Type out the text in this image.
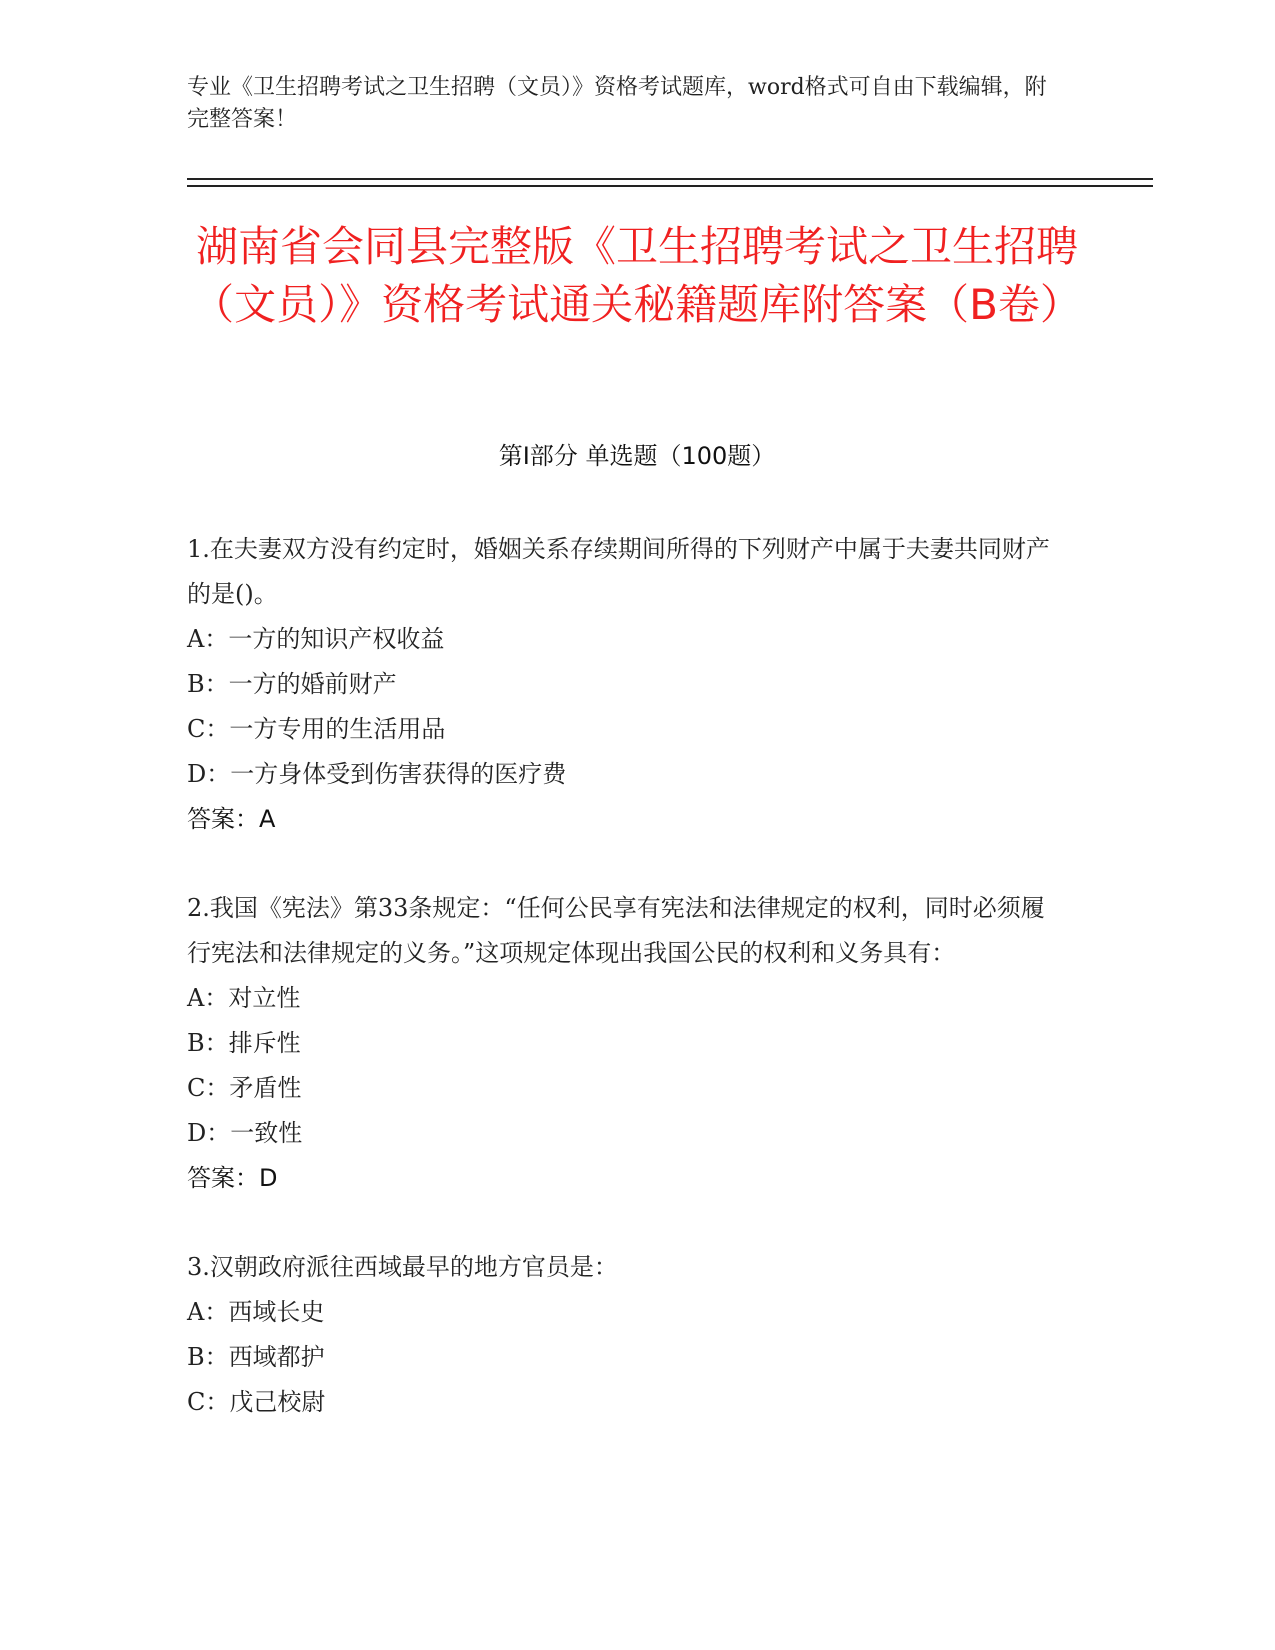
专业《卫生招聘考试之卫生招聘（文员）》资格考试题库，word格式可自由下载编辑，附完整答案！
湖南省会同县完整版《卫生招聘考试之卫生招聘（文员）》资格考试通关秘籍题库附答案（B卷）
第I部分 单选题（100题）

1.在夫妻双方没有约定时，婚姻关系存续期间所得的下列财产中属于夫妻共同财产的是()。

A：一方的知识产权收益
B：一方的婚前财产
C：一方专用的生活用品
D：一方身体受到伤害获得的医疗费
答案：A

2.我国《宪法》第33条规定：“任何公民享有宪法和法律规定的权利，同时必须履行宪法和法律规定的义务。”这项规定体现出我国公民的权利和义务具有：

A：对立性
B：排斥性
C：矛盾性
D：一致性
答案：D

3.汉朝政府派往西域最早的地方官员是：

A：西域长史
B：西域都护
C：戊己校尉
